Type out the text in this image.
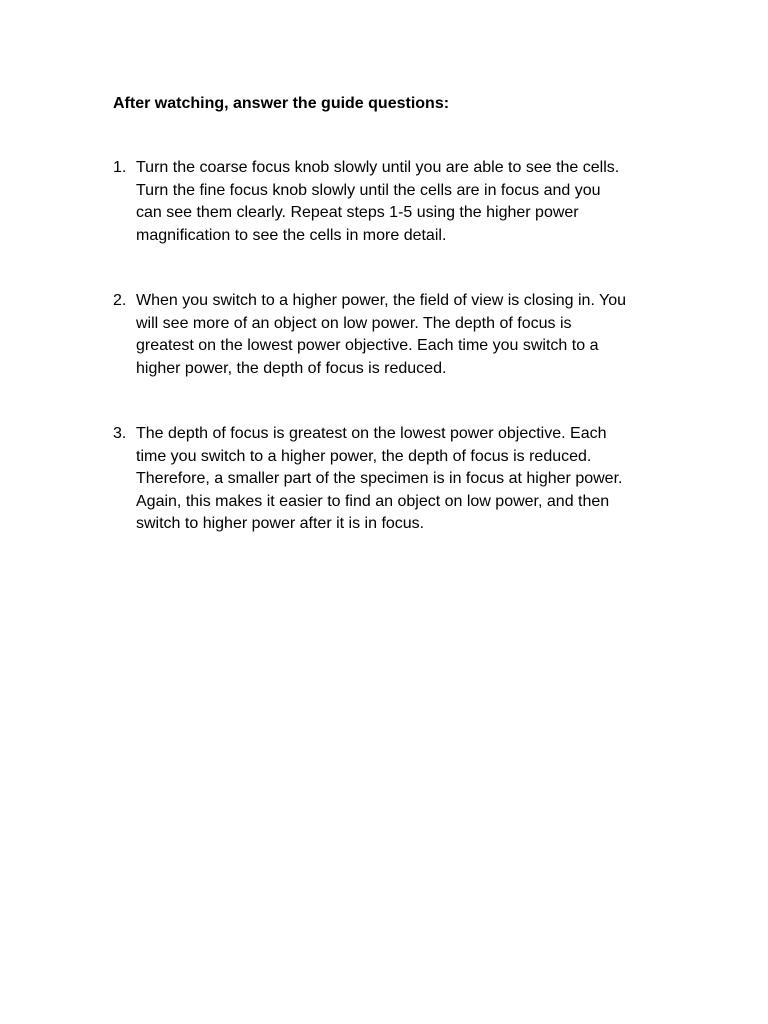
After watching, answer the guide questions:
1. Turn the coarse focus knob slowly until you are able to see the cells.
Turn the fine focus knob slowly until the cells are in focus and you
can see them clearly. Repeat steps 1-5 using the higher power
magnification to see the cells in more detail.
2. When you switch to a higher power, the field of view is closing in. You
will see more of an object on low power. The depth of focus is
greatest on the lowest power objective. Each time you switch to a
higher power, the depth of focus is reduced.
3. The depth of focus is greatest on the lowest power objective. Each
time you switch to a higher power, the depth of focus is reduced.
Therefore, a smaller part of the specimen is in focus at higher power.
Again, this makes it easier to find an object on low power, and then
switch to higher power after it is in focus.
